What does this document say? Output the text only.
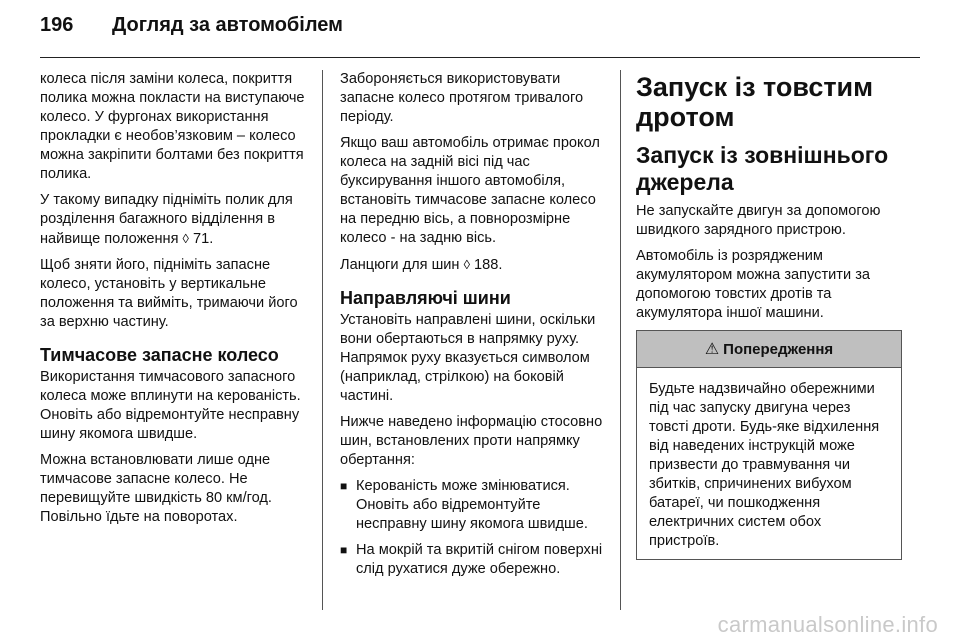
196	Догляд за автомобілем

колеса після заміни колеса, покриття полика можна покласти на виступаюче колесо. У фургонах використання прокладки є необов’язковим – колесо можна закріпити болтами без покриття полика.

У такому випадку підніміть полик для розділення багажного відділення в найвище положення ◊ 71.

Щоб зняти його, підніміть запасне колесо, установіть у вертикальне положення та вийміть, тримаючи його за верхню частину.

Тимчасове запасне колесо

Використання тимчасового запасного колеса може вплинути на керованість. Оновіть або відремонтуйте несправну шину якомога швидше.

Можна встановлювати лише одне тимчасове запасне колесо. Не перевищуйте швидкість 80 км/год. Повільно їдьте на поворотах.

Забороняється використовувати запасне колесо протягом тривалого періоду.

Якщо ваш автомобіль отримає прокол колеса на задній вісі під час буксирування іншого автомобіля, встановіть тимчасове запасне колесо на передню вісь, а повнорозмірне колесо - на задню вісь.

Ланцюги для шин ◊ 188.

Направляючі шини

Установіть направлені шини, оскільки вони обертаються в напрямку руху. Напрямок руху вказується символом (наприклад, стрілкою) на боковій частині.

Нижче наведено інформацію стосовно шин, встановлених проти напрямку обертання:

■ Керованість може змінюватися. Оновіть або відремонтуйте несправну шину якомога швидше.
■ На мокрій та вкритій снігом поверхні слід рухатися дуже обережно.
Запуск із товстим дротом
Запуск із зовнішнього джерела

Не запускайте двигун за допомогою швидкого зарядного пристрою.

Автомобіль із розрядженим акумулятором можна запустити за допомогою товстих дротів та акумулятора іншої машини.

⚠ Попередження
Будьте надзвичайно обережними під час запуску двигуна через товсті дроти. Будь-яке відхилення від наведених інструкцій може призвести до травмування чи збитків, спричинених вибухом батареї, чи пошкодження електричних систем обох пристроїв.
carmanualsonline.info
